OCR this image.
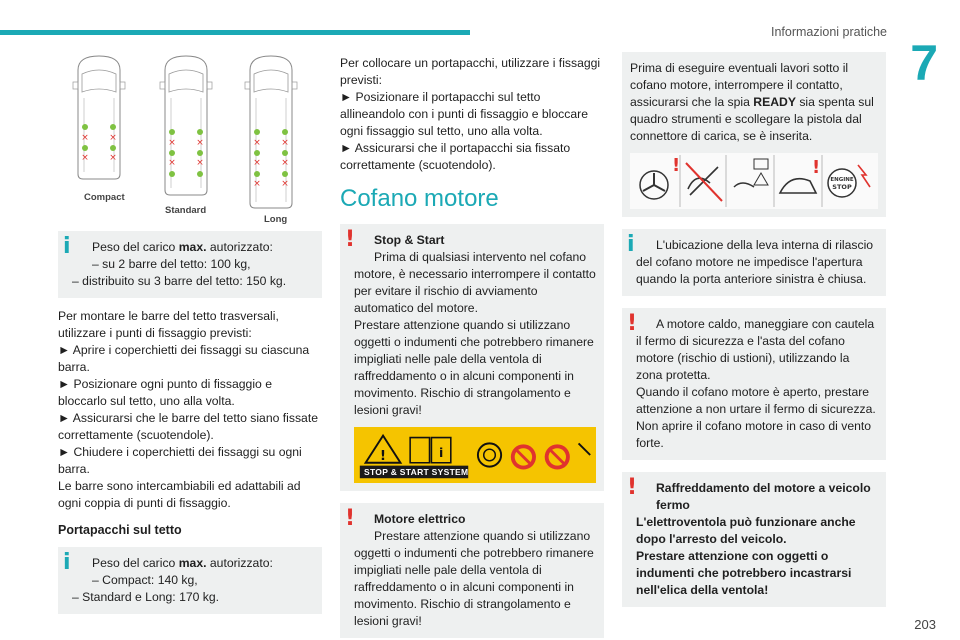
Informazioni pratiche
7
203
× ×
× ×
Compact
× ×
× ×
Standard
× ×
× ×
× ×
Long
i	Peso del carico max. autorizzato:

– su 2 barre del tetto: 100 kg,

– distribuito su 3 barre del tetto: 150 kg.

Per montare le barre del tetto trasversali, utilizzare i punti di fissaggio previsti:

► Aprire i coperchietti dei fissaggi su ciascuna barra.

► Posizionare ogni punto di fissaggio e bloccarlo sul tetto, uno alla volta.

► Assicurarsi che le barre del tetto siano fissate correttamente (scuotendole).

► Chiudere i coperchietti dei fissaggi su ogni barra.

Le barre sono intercambiabili ed adattabili ad ogni coppia di punti di fissaggio.

Portapacchi sul tetto
i	Peso del carico max. autorizzato:

– Compact: 140 kg,

– Standard e Long: 170 kg.

Per collocare un portapacchi, utilizzare i fissaggi previsti:

► Posizionare il portapacchi sul tetto allineandolo con i punti di fissaggio e bloccare ogni fissaggio sul tetto, uno alla volta.

► Assicurarsi che il portapacchi sia fissato correttamente (scuotendolo).

Cofano motore
!	Stop & Start

Prima di qualsiasi intervento nel cofano motore, è necessario interrompere il contatto per evitare il rischio di avviamento automatico del motore.

Prestare attenzione quando si utilizzano oggetti o indumenti che potrebbero rimanere impigliati nelle pale della ventola di raffreddamento o in alcuni componenti in movimento. Rischio di strangolamento e lesioni gravi!

!	i
STOP & START SYSTEM
!	Motore elettrico

Prestare attenzione quando si utilizzano oggetti o indumenti che potrebbero rimanere impigliati nelle pale della ventola di raffreddamento o in alcuni componenti in movimento. Rischio di strangolamento e lesioni gravi!

Prima di eseguire eventuali lavori sotto il cofano motore, interrompere il contatto, assicurarsi che la spia READY sia spenta sul quadro strumenti e scollegare la pistola dal connettore di carica, se è inserita.

!	!
ENGINE
STOP
i	L'ubicazione della leva interna di rilascio del cofano motore ne impedisce l'apertura quando la porta anteriore sinistra è chiusa.

!	A motore caldo, maneggiare con cautela il fermo di sicurezza e l'asta del cofano motore (rischio di ustioni), utilizzando la zona protetta.

Quando il cofano motore è aperto, prestare attenzione a non urtare il fermo di sicurezza. Non aprire il cofano motore in caso di vento forte.

!	Raffreddamento del motore a veicolo fermo

L'elettroventola può funzionare anche dopo l'arresto del veicolo.

Prestare attenzione con oggetti o indumenti che potrebbero incastrarsi nell'elica della ventola!
